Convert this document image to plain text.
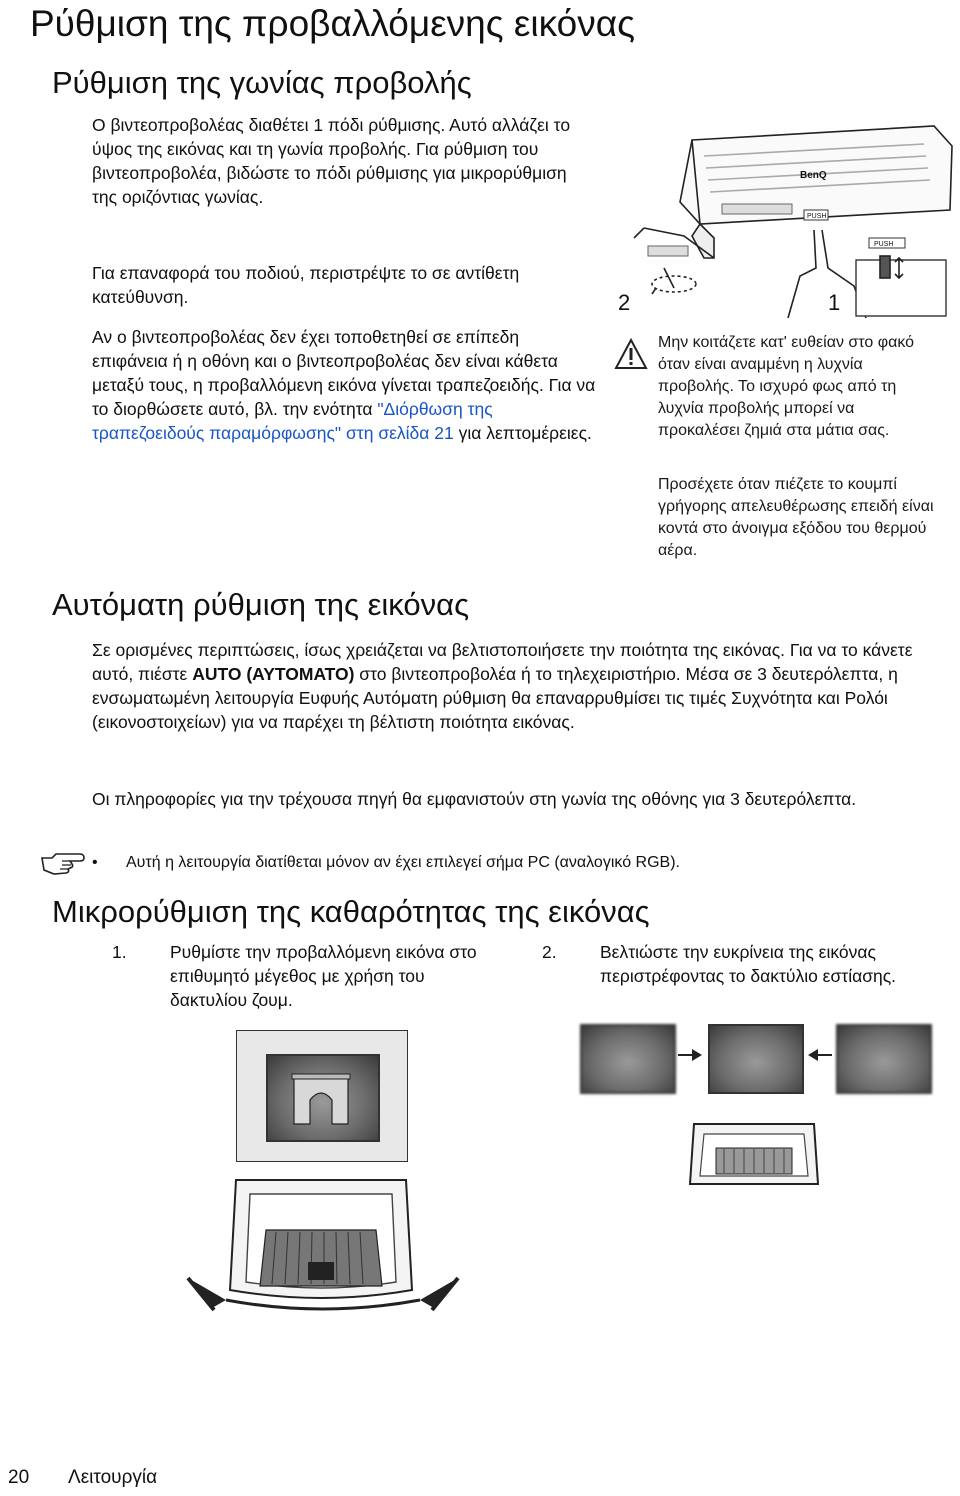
Ρύθμιση της προβαλλόμενης εικόνας
Ρύθμιση της γωνίας προβολής
Ο βιντεοπροβολέας διαθέτει 1 πόδι ρύθμισης. Αυτό αλλάζει το ύψος της εικόνας και τη γωνία προβολής. Για ρύθμιση του βιντεοπροβολέα, βιδώστε το πόδι ρύθμισης για μικρορύθμιση της οριζόντιας γωνίας.
Για επαναφορά του ποδιού, περιστρέψτε το σε αντίθετη κατεύθυνση.
Αν ο βιντεοπροβολέας δεν έχει τοποθετηθεί σε επίπεδη επιφάνεια ή η οθόνη και ο βιντεοπροβολέας δεν είναι κάθετα μεταξύ τους, η προβαλλόμενη εικόνα γίνεται τραπεζοειδής. Για να το διορθώσετε αυτό, βλ. την ενότητα "Διόρθωση της τραπεζοειδούς παραμόρφωσης" στη σελίδα 21 για λεπτομέρειες.
BenQ
PUSH
PUSH
2	1
Μην κοιτάζετε κατ' ευθείαν στο φακό όταν είναι αναμμένη η λυχνία προβολής. Το ισχυρό φως από τη λυχνία προβολής μπορεί να προκαλέσει ζημιά στα μάτια σας.
Προσέχετε όταν πιέζετε το κουμπί γρήγορης απελευθέρωσης επειδή είναι κοντά στο άνοιγμα εξόδου του θερμού αέρα.
Αυτόματη ρύθμιση της εικόνας
Σε ορισμένες περιπτώσεις, ίσως χρειάζεται να βελτιστοποιήσετε την ποιότητα της εικόνας. Για να το κάνετε αυτό, πιέστε AUTO (ΑΥΤΟΜΑΤΟ) στο βιντεοπροβολέα ή το τηλεχειριστήριο. Μέσα σε 3 δευτερόλεπτα, η ενσωματωμένη λειτουργία Ευφυής Αυτόματη ρύθμιση θα επαναρρυθμίσει τις τιμές Συχνότητα και Ρολόι (εικονοστοιχείων) για να παρέχει τη βέλτιστη ποιότητα εικόνας.
Οι πληροφορίες για την τρέχουσα πηγή θα εμφανιστούν στη γωνία της οθόνης για 3 δευτερόλεπτα.
• Αυτή η λειτουργία διατίθεται μόνον αν έχει επιλεγεί σήμα PC (αναλογικό RGB).
Μικρορύθμιση της καθαρότητας της εικόνας
1. Ρυθμίστε την προβαλλόμενη εικόνα στο επιθυμητό μέγεθος με χρήση του δακτυλίου ζουμ.
2. Βελτιώστε την ευκρίνεια της εικόνας περιστρέφοντας το δακτύλιο εστίασης.
20 Λειτουργία
